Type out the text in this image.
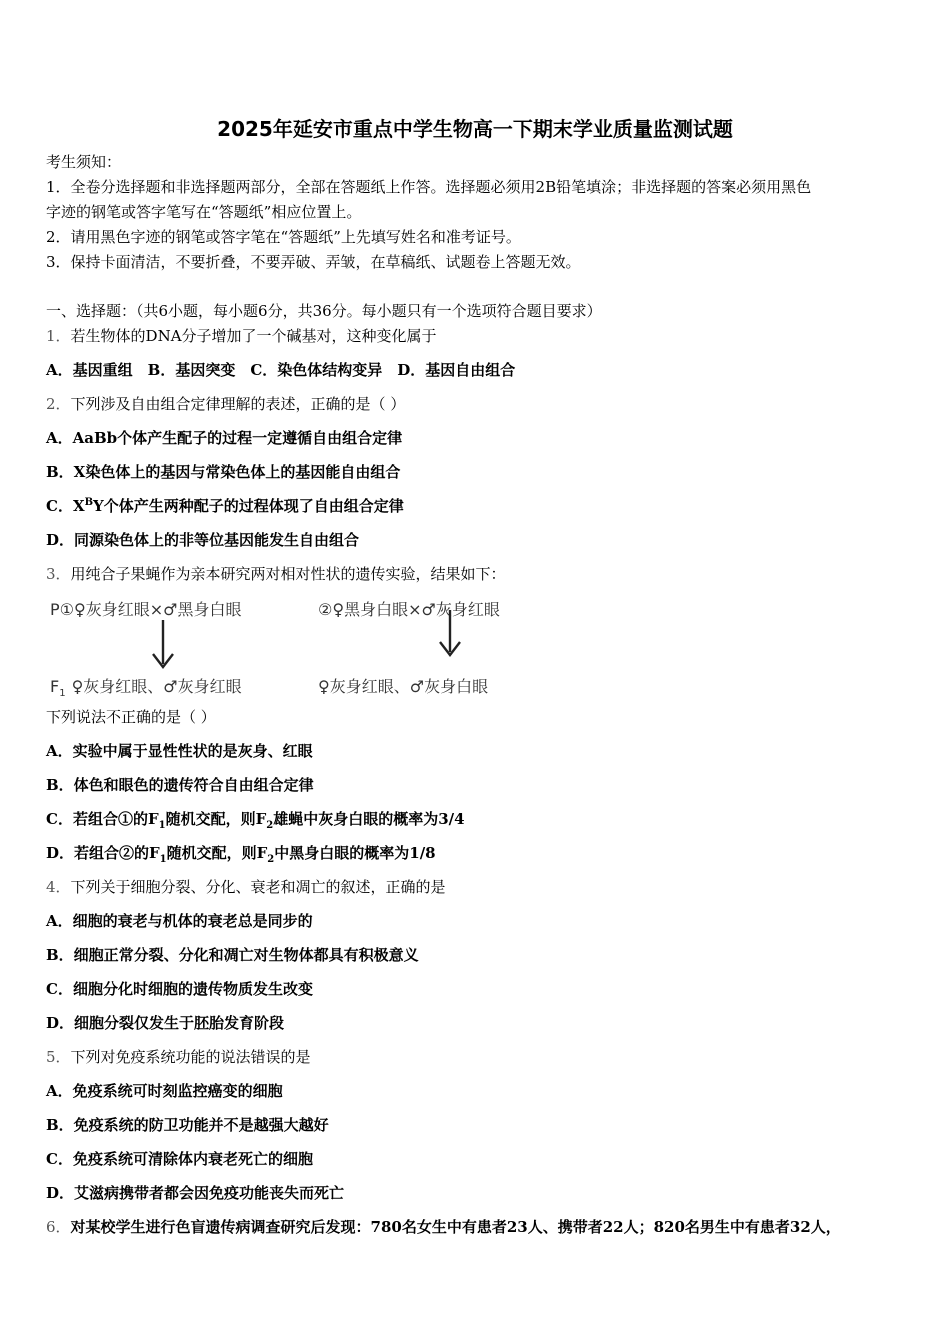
2025年延安市重点中学生物高一下期末学业质量监测试题
考生须知：
1．全卷分选择题和非选择题两部分，全部在答题纸上作答。选择题必须用2B铅笔填涂；非选择题的答案必须用黑色
字迹的钢笔或答字笔写在“答题纸”相应位置上。
2．请用黑色字迹的钢笔或答字笔在“答题纸”上先填写姓名和准考证号。
3．保持卡面清洁，不要折叠，不要弄破、弄皱，在草稿纸、试题卷上答题无效。
一、选择题：（共6小题，每小题6分，共36分。每小题只有一个选项符合题目要求）
1．若生物体的DNA分子增加了一个碱基对，这种变化属于
A．基因重组　B．基因突变　C．染色体结构变异　D．基因自由组合
2．下列涉及自由组合定律理解的表述，正确的是（ ）
A．AaBb个体产生配子的过程一定遵循自由组合定律
B．X染色体上的基因与常染色体上的基因能自由组合
C．$X^BY$个体产生两种配子的过程体现了自由组合定律
D．同源染色体上的非等位基因能发生自由组合
3．用纯合子果蝇作为亲本研究两对相对性状的遗传实验，结果如下：
P①♀灰身红眼×♂黑身白眼	②♀黑身白眼×♂灰身红眼
$F_1$ ♀灰身红眼、♂灰身红眼	♀灰身红眼、♂灰身白眼
下列说法不正确的是（ ）
A．实验中属于显性性状的是灰身、红眼
B．体色和眼色的遗传符合自由组合定律
C．若组合①的$F_1$随机交配，则$F_2$雄蝇中灰身白眼的概率为3/4
D．若组合②的$F_1$随机交配，则$F_2$中黑身白眼的概率为1/8
4．下列关于细胞分裂、分化、衰老和凋亡的叙述，正确的是
A．细胞的衰老与机体的衰老总是同步的
B．细胞正常分裂、分化和凋亡对生物体都具有积极意义
C．细胞分化时细胞的遗传物质发生改变
D．细胞分裂仅发生于胚胎发育阶段
5．下列对免疫系统功能的说法错误的是
A．免疫系统可时刻监控癌变的细胞
B．免疫系统的防卫功能并不是越强大越好
C．免疫系统可清除体内衰老死亡的细胞
D．艾滋病携带者都会因免疫功能丧失而死亡
6．对某校学生进行色盲遗传病调查研究后发现：780名女生中有患者23人、携带者22人；820名男生中有患者32人，
